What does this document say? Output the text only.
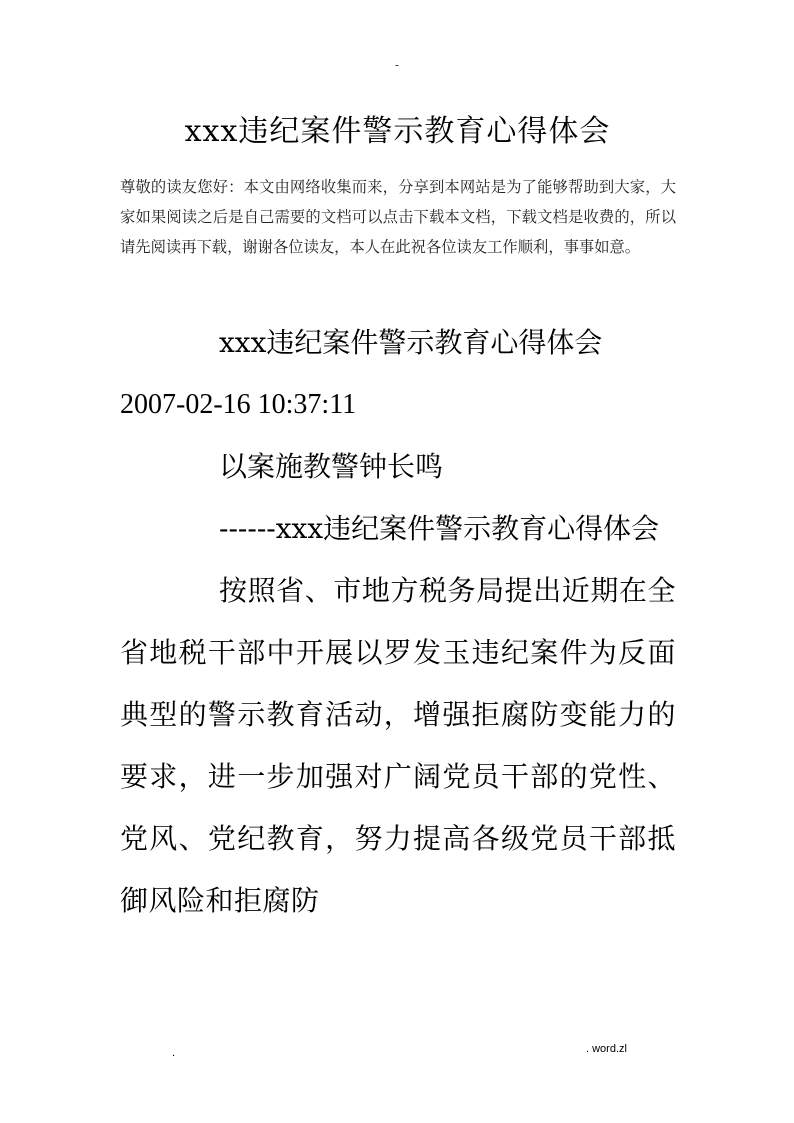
-
xxx违纪案件警示教育心得体会
尊敬的读友您好：本文由网络收集而来，分享到本网站是为了能够帮助到大家，大家如果阅读之后是自己需要的文档可以点击下载本文档，下载文档是收费的，所以请先阅读再下载，谢谢各位读友，本人在此祝各位读友工作顺利，事事如意。

xxx违纪案件警示教育心得体会

2007-02-16 10:37:11

以案施教警钟长鸣

------xxx违纪案件警示教育心得体会

按照省、市地方税务局提出近期在全省地税干部中开展以罗发玉违纪案件为反面典型的警示教育活动，增强拒腐防变能力的要求，进一步加强对广阔党员干部的党性、党风、党纪教育，努力提高各级党员干部抵御风险和拒腐防

.	. word.zl
